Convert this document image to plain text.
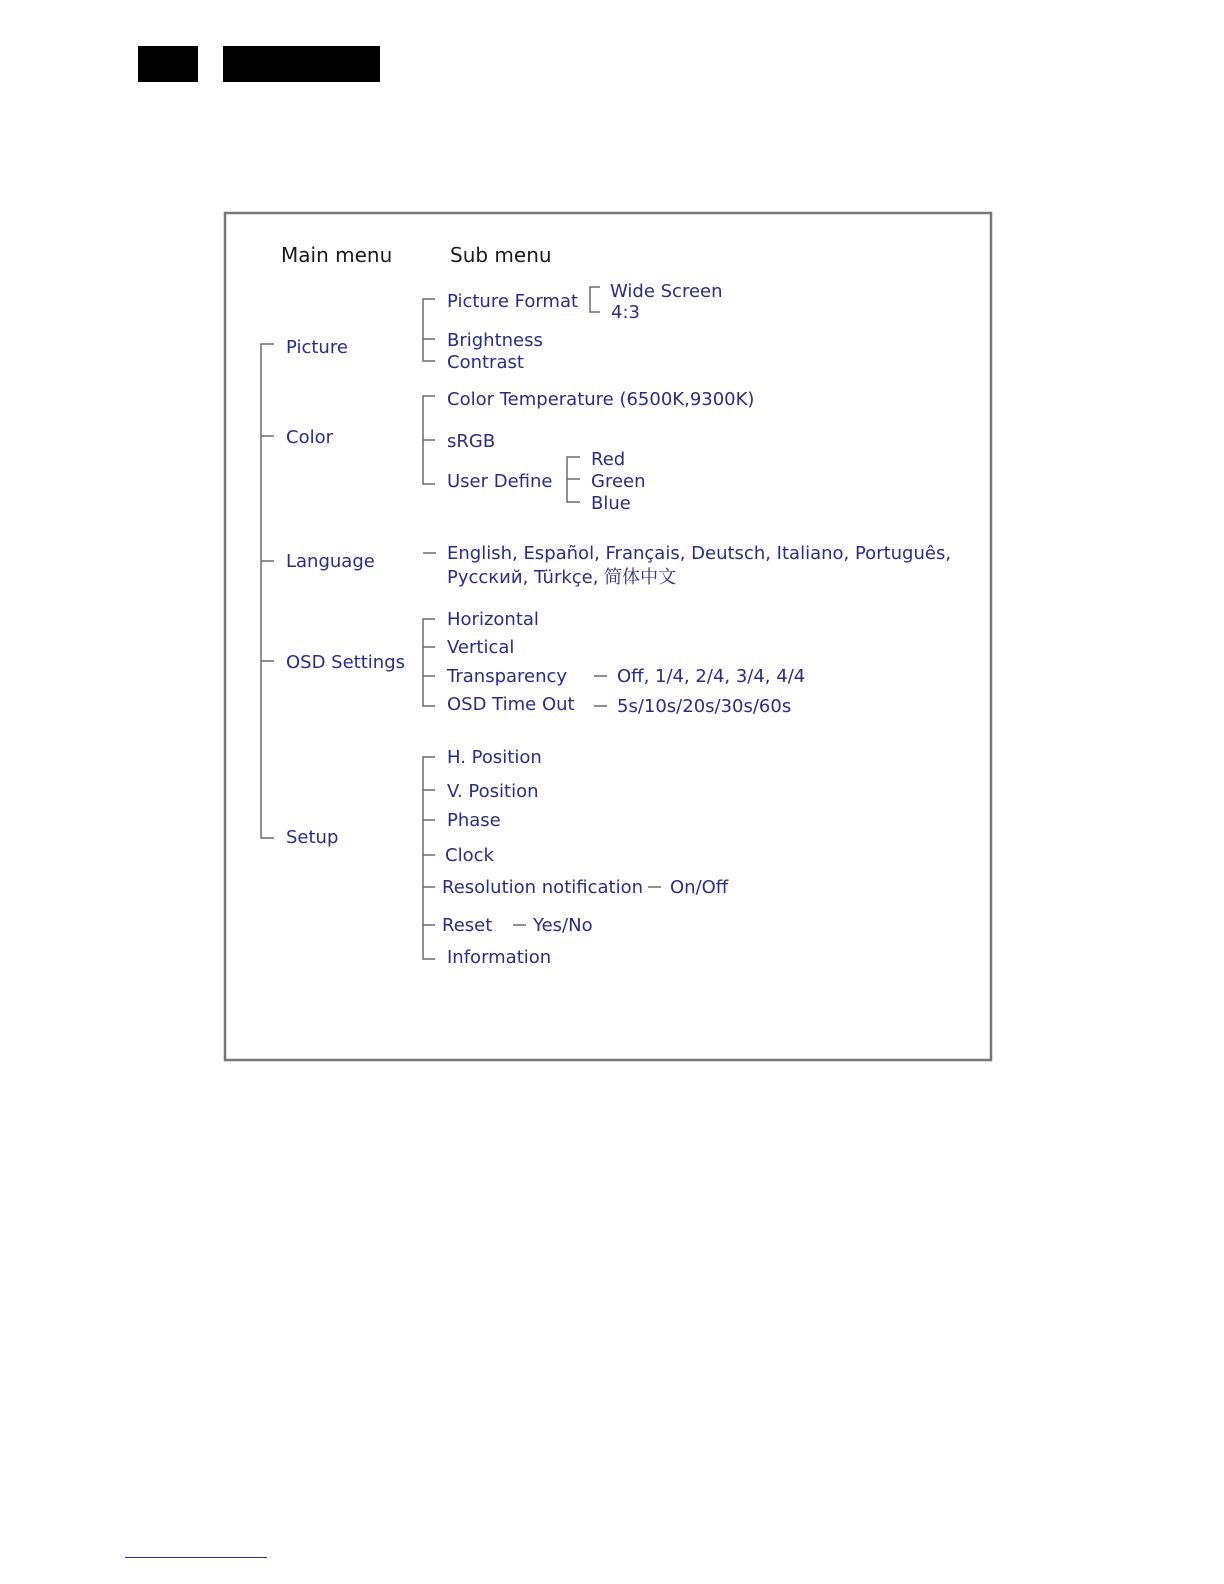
Main menu	Sub menu
Picture
Color
Language
OSD Settings
Setup
Picture Format Wide Screen
4:3
Brightness
Contrast
Color Temperature (6500K,9300K)
sRGB
User Define
Red
Green
Blue
English, Español, Français, Deutsch, Italiano, Português,
Русский, Türkçe, 简体中文
Horizontal
Vertical
Transparency	Off, 1/4, 2/4, 3/4, 4/4
OSD Time Out 5s/10s/20s/30s/60s
H. Position
V. Position
Phase
Clock
Resolution notification On/Off
Reset Yes/No
Information
